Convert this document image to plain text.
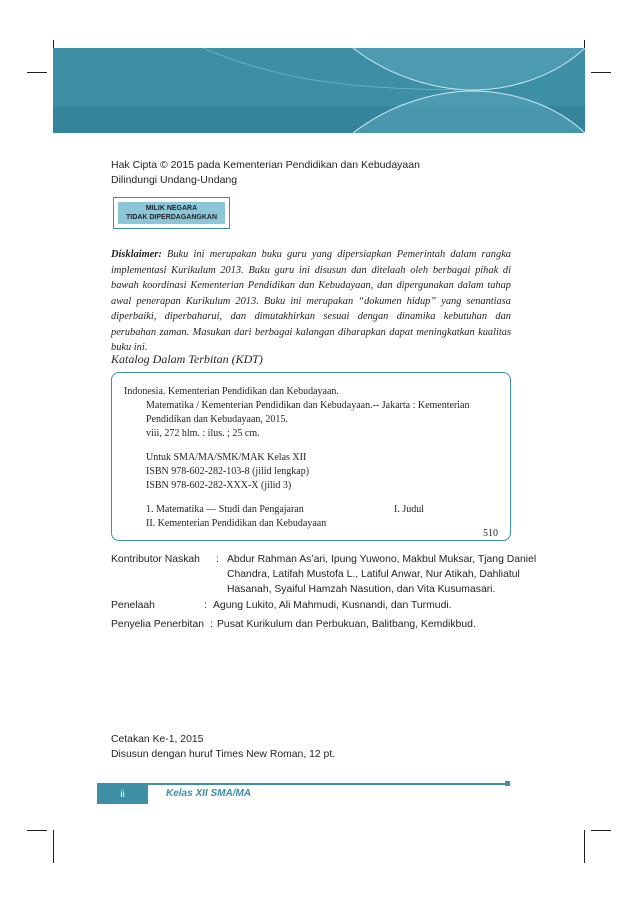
Hak Cipta © 2015 pada Kementerian Pendidikan dan Kebudayaan
Dilindungi Undang-Undang
MILIK NEGARA
TIDAK DIPERDAGANGKAN

Disklaimer: Buku ini merupakan buku guru yang dipersiapkan Pemerintah dalam rangka implementasi Kurikulum 2013. Buku guru ini disusun dan ditelaah oleh berbagai pihak di bawah koordinasi Kementerian Pendidikan dan Kebudayaan, dan dipergunakan dalam tahap awal penerapan Kurikulum 2013. Buku ini merupakan “dokumen hidup” yang senantiasa diperbaiki, diperbaharui, dan dimutakhirkan sesuai dengan dinamika kebutuhan dan perubahan zaman. Masukan dari berbagai kalangan diharapkan dapat meningkatkan kualitas buku ini.

Katalog Dalam Terbitan (KDT)
Indonesia. Kementerian Pendidikan dan Kebudayaan.
Matematika / Kementerian Pendidikan dan Kebudayaan.-- Jakarta : Kementerian
Pendidikan dan Kebudayaan, 2015.
viii, 272 hlm. : ilus. ; 25 cm.
Untuk SMA/MA/SMK/MAK Kelas XII
ISBN 978-602-282-103-8 (jilid lengkap)
ISBN 978-602-282-XXX-X (jilid 3)
1. Matematika — Studi dan Pengajaran	I. Judul
II. Kementerian Pendidikan dan Kebudayaan
510
Kontributor Naskah : Abdur Rahman As’ari, Ipung Yuwono, Makbul Muksar, Tjang Daniel
Chandra, Latifah Mustofa L., Latiful Anwar, Nur Atikah, Dahliatul
Hasanah, Syaiful Hamzah Nasution, dan Vita Kusumasari.
Penelaah	: Agung Lukito, Ali Mahmudi, Kusnandi, dan Turmudi.
Penyelia Penerbitan : Pusat Kurikulum dan Perbukuan, Balitbang, Kemdikbud.
Cetakan Ke-1, 2015
Disusun dengan huruf Times New Roman, 12 pt.
ii	Kelas XII SMA/MA
